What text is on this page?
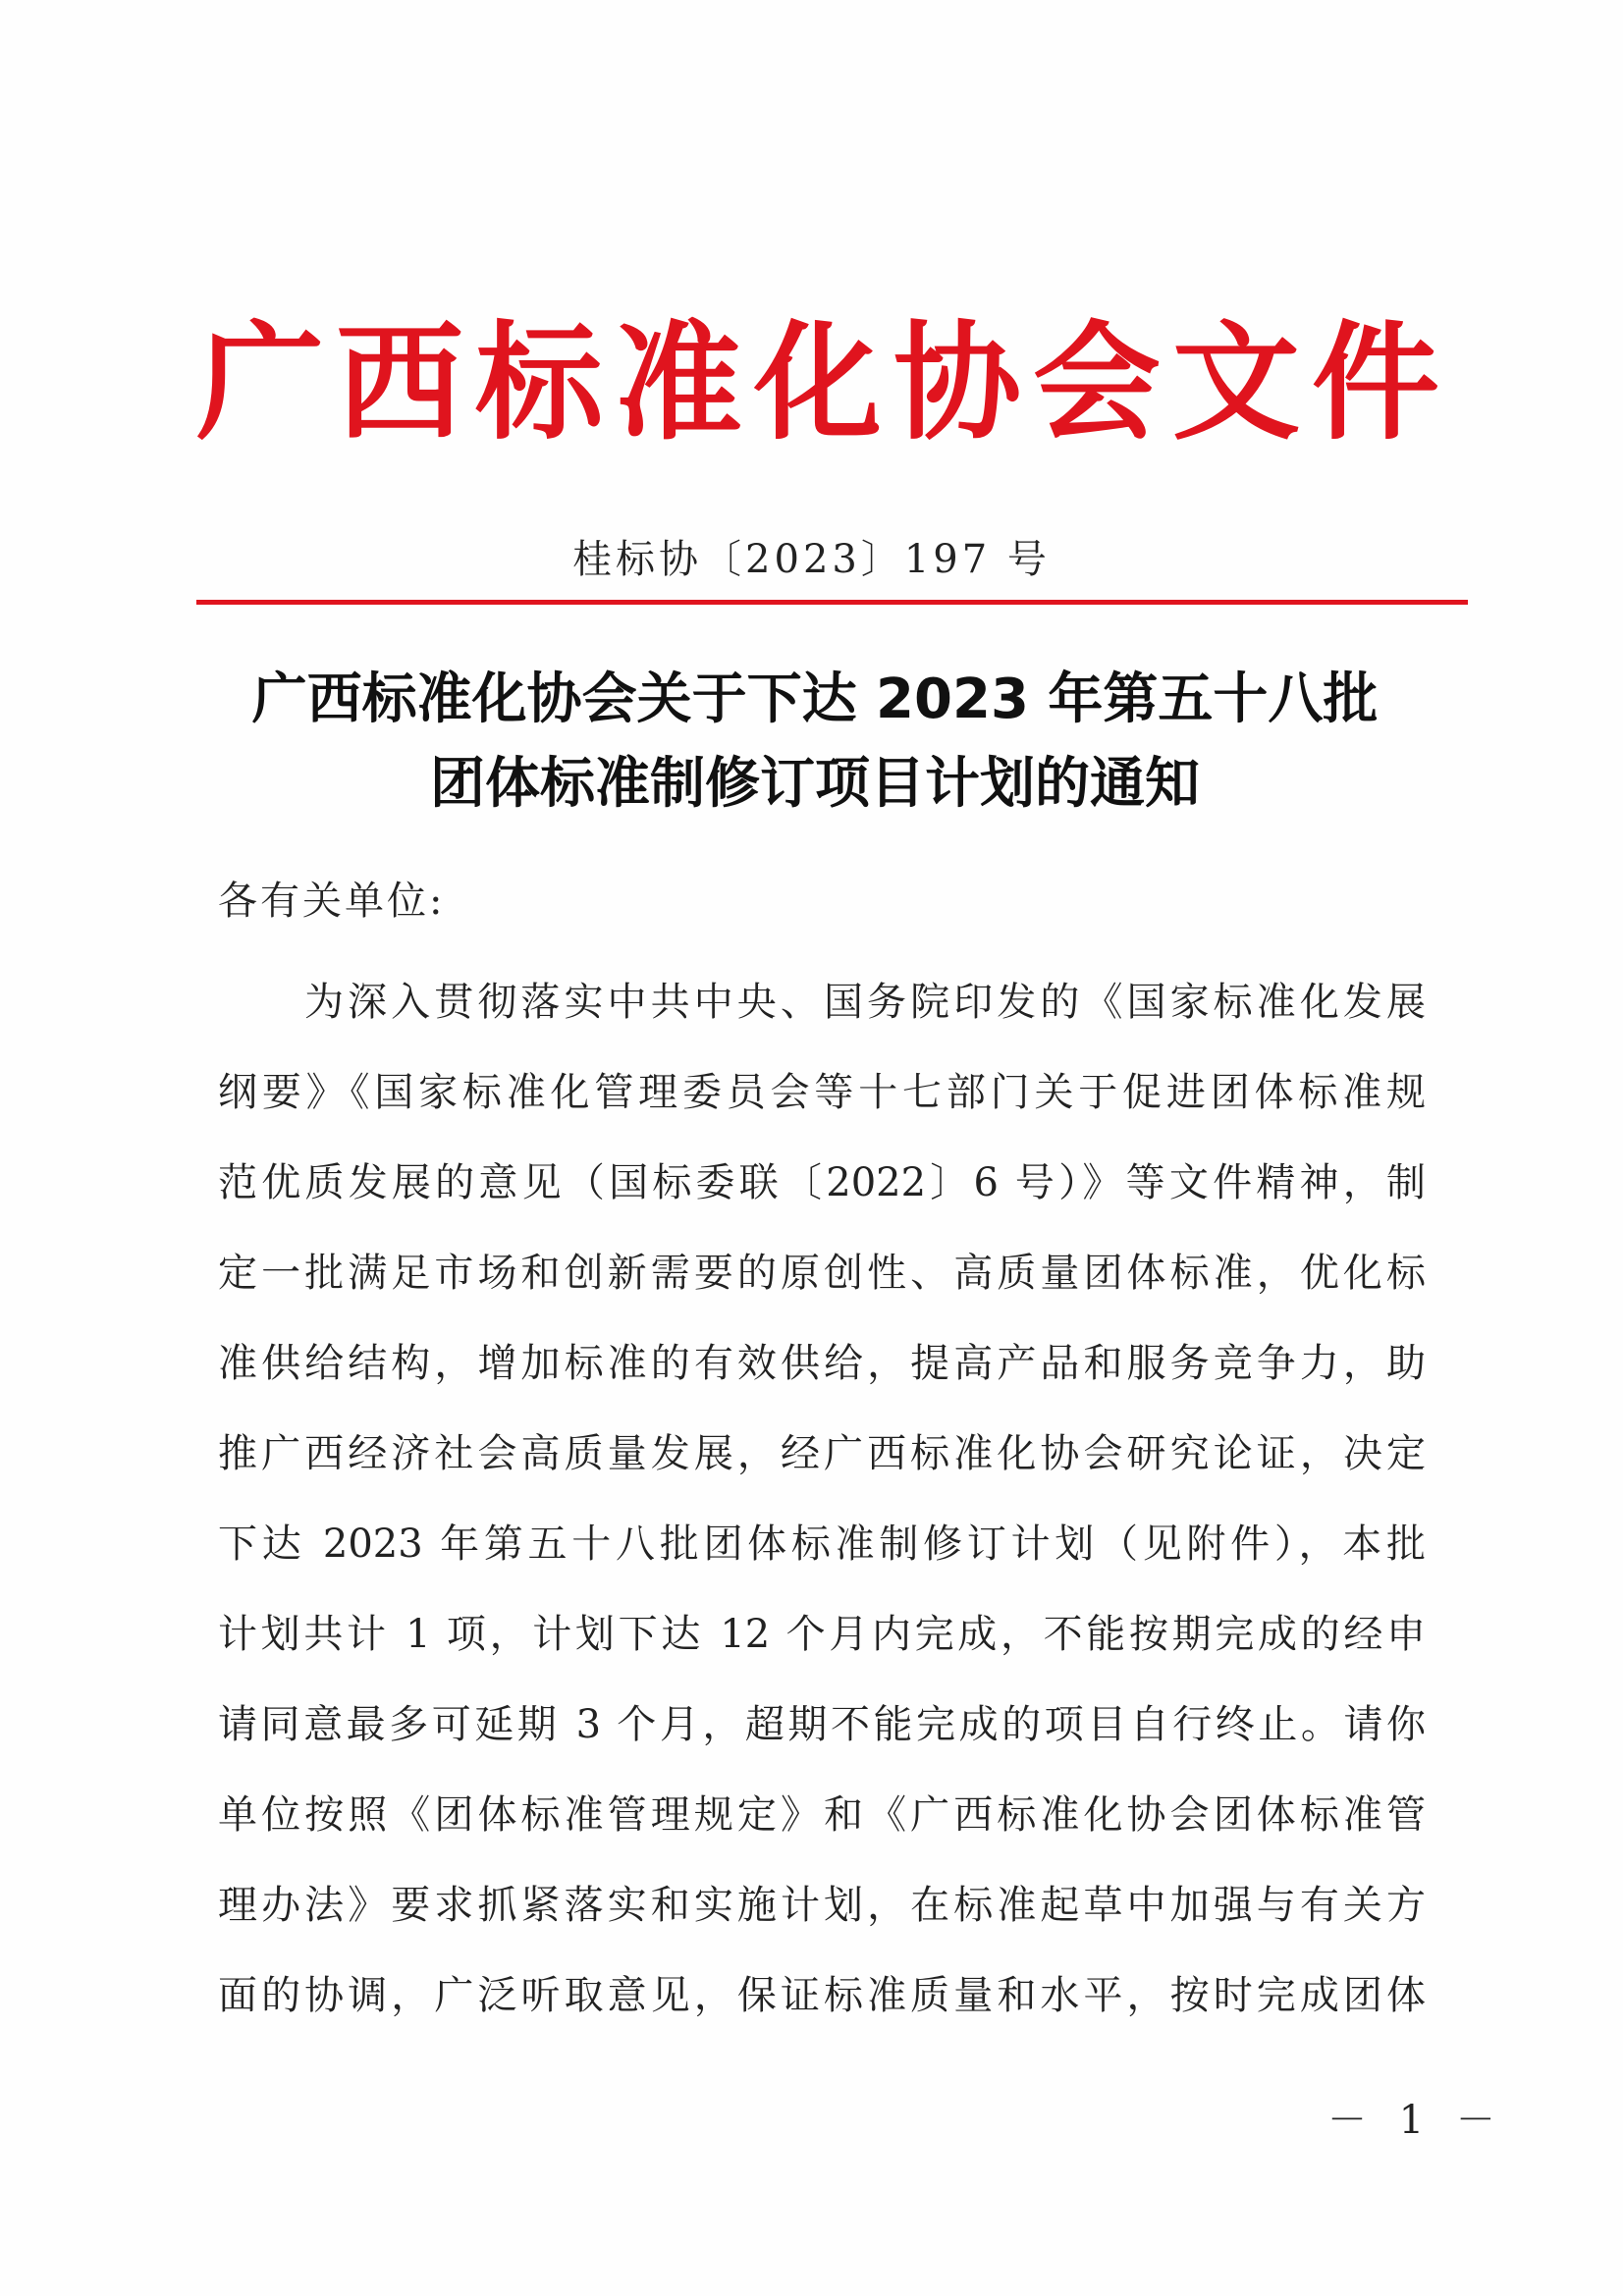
广西标准化协会文件
桂标协〔2023〕197 号
广西标准化协会关于下达 2023 年第五十八批
团体标准制修订项目计划的通知
各有关单位:
为深入贯彻落实中共中央、国务院印发的《国家标准化发展
纲要》《国家标准化管理委员会等十七部门关于促进团体标准规
范优质发展的意见（国标委联〔2022〕6 号）》等文件精神，制
定一批满足市场和创新需要的原创性、高质量团体标准，优化标
准供给结构，增加标准的有效供给，提高产品和服务竞争力，助
推广西经济社会高质量发展，经广西标准化协会研究论证，决定
下达 2023 年第五十八批团体标准制修订计划（见附件），本批
计划共计 1 项，计划下达 12 个月内完成，不能按期完成的经申
请同意最多可延期 3 个月，超期不能完成的项目自行终止。请你
单位按照《团体标准管理规定》和《广西标准化协会团体标准管
理办法》要求抓紧落实和实施计划，在标准起草中加强与有关方
面的协调，广泛听取意见，保证标准质量和水平，按时完成团体
－ 1 －
